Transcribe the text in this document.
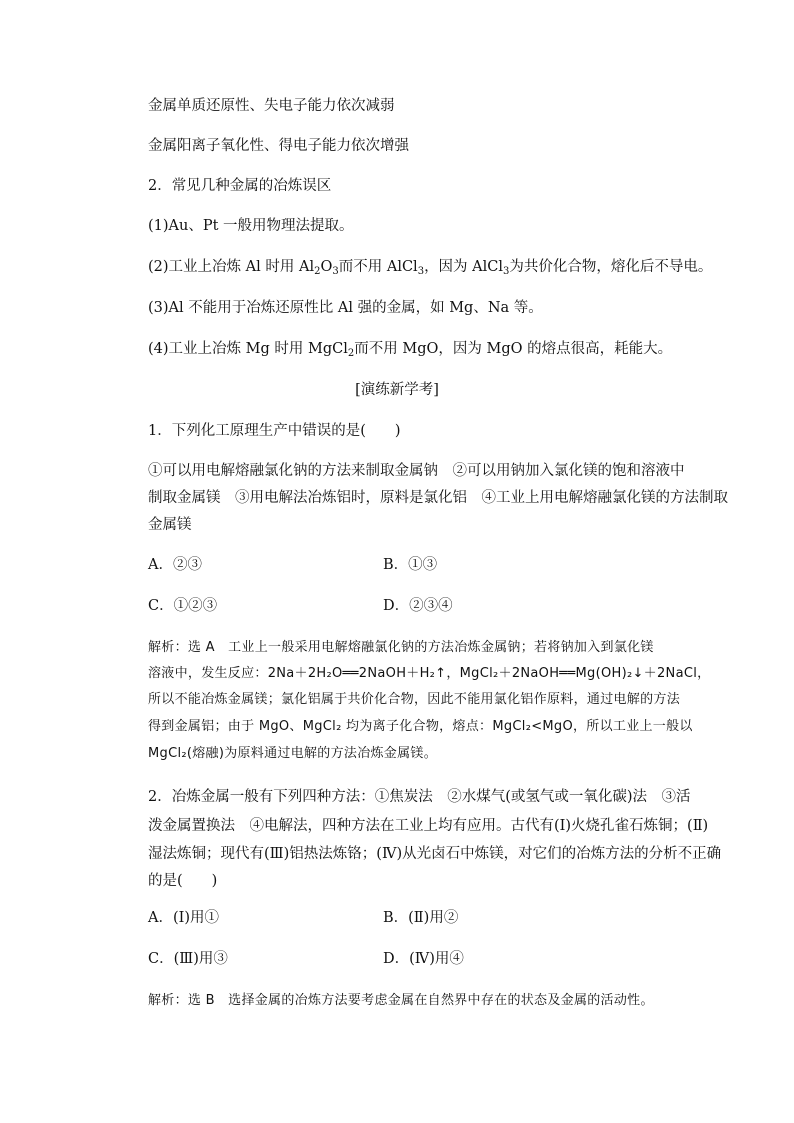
金属单质还原性、失电子能力依次减弱
金属阳离子氧化性、得电子能力依次增强
2．常见几种金属的冶炼误区
(1)Au、Pt 一般用物理法提取。
(2)工业上冶炼 Al 时用 $Al_2O_3$而不用 AlCl$_3$，因为 AlCl$_3$为共价化合物，熔化后不导电。
(3)Al 不能用于冶炼还原性比 Al 强的金属，如 Mg、Na 等。
(4)工业上冶炼 Mg 时用 MgCl$_2$而不用 MgO，因为 MgO 的熔点很高，耗能大。
[演练新学考]
1．下列化工原理生产中错误的是(　　)
①可以用电解熔融氯化钠的方法来制取金属钠　②可以用钠加入氯化镁的饱和溶液中
制取金属镁　③用电解法冶炼铝时，原料是氯化铝　④工业上用电解熔融氯化镁的方法制取
金属镁
A．②③	B．①③
C．①②③	D．②③④
解析：选 A　工业上一般采用电解熔融氯化钠的方法冶炼金属钠；若将钠加入到氯化镁
溶液中，发生反应：2Na＋2H₂O══2NaOH＋H₂↑，MgCl₂＋2NaOH══Mg(OH)₂↓＋2NaCl，
所以不能冶炼金属镁；氯化铝属于共价化合物，因此不能用氯化铝作原料，通过电解的方法
得到金属铝；由于 MgO、MgCl₂ 均为离子化合物，熔点：MgCl₂<MgO，所以工业上一般以
MgCl₂(熔融)为原料通过电解的方法冶炼金属镁。
2．冶炼金属一般有下列四种方法：①焦炭法　②水煤气(或氢气或一氧化碳)法　③活
泼金属置换法　④电解法，四种方法在工业上均有应用。古代有(Ⅰ)火烧孔雀石炼铜；(Ⅱ)
湿法炼铜；现代有(Ⅲ)铝热法炼铬；(Ⅳ)从光卤石中炼镁，对它们的冶炼方法的分析不正确
的是(　　)
A．(Ⅰ)用①	B．(Ⅱ)用②
C．(Ⅲ)用③	D．(Ⅳ)用④
解析：选 B　选择金属的冶炼方法要考虑金属在自然界中存在的状态及金属的活动性。
